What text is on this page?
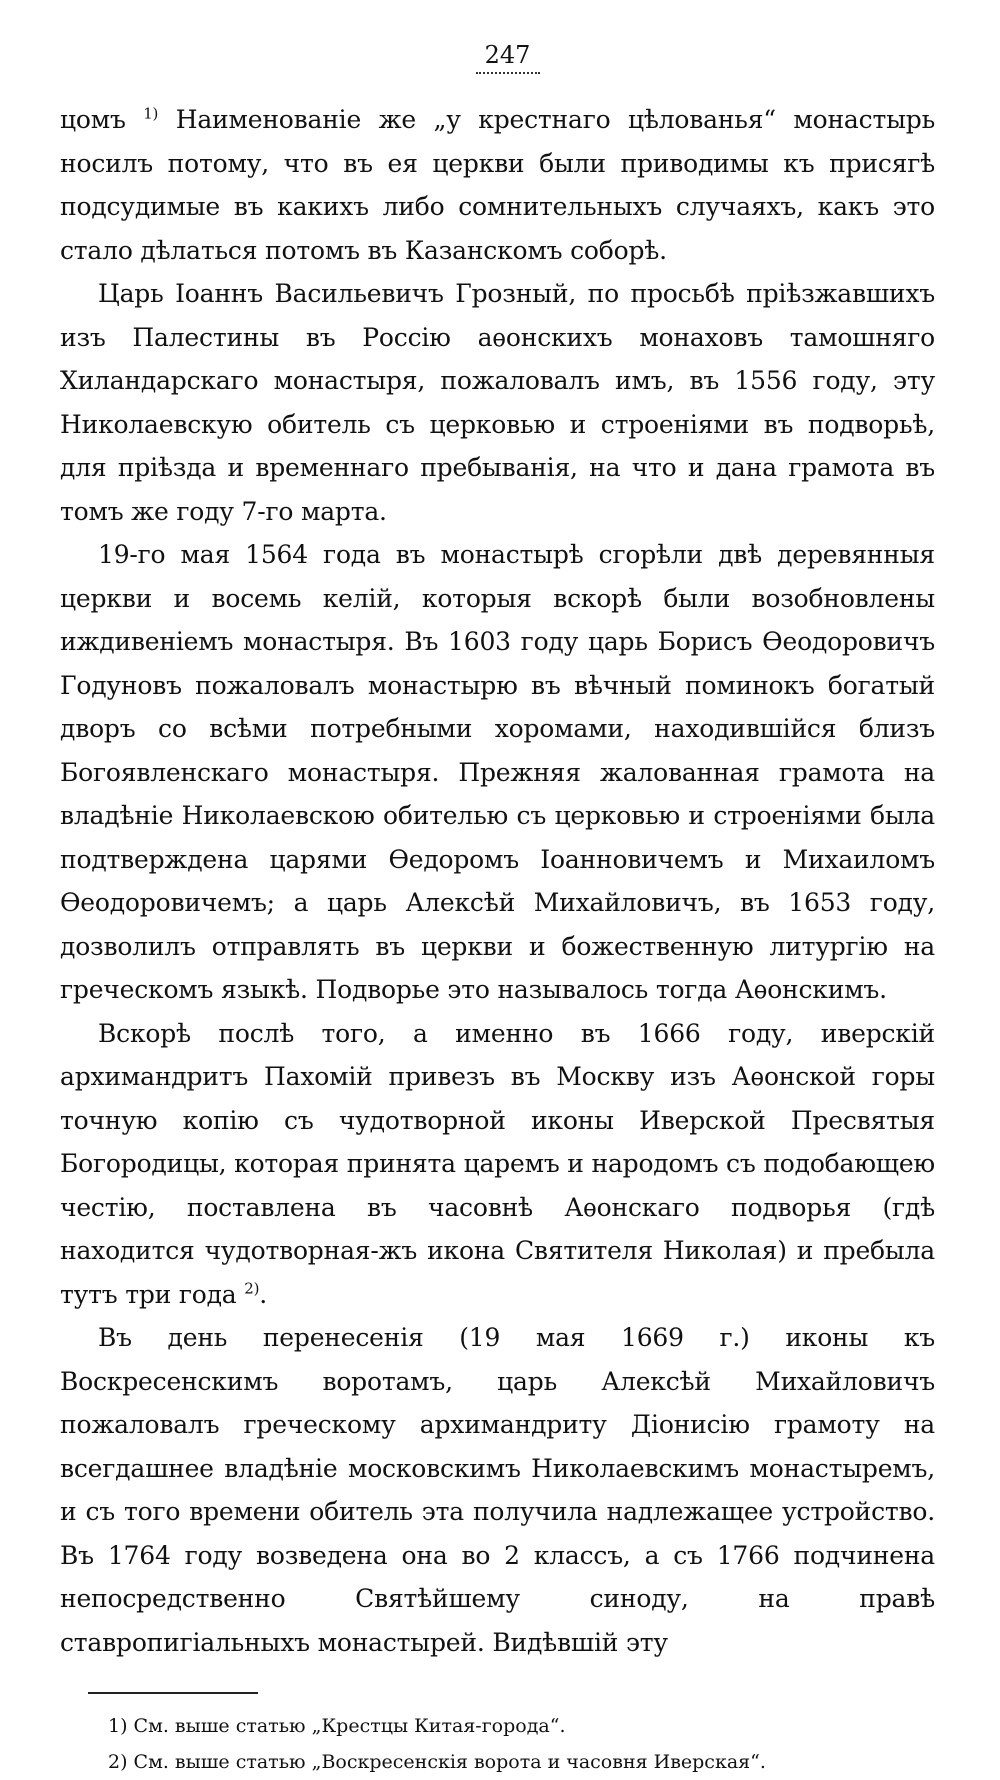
247

цомъ $^{1)}$ Наименованіе же „у крестнаго цѣлованья“ монастырь носилъ потому, что въ ея церкви были приводимы къ присягѣ подсудимые въ какихъ либо сомнительныхъ случаяхъ, какъ это стало дѣлаться потомъ въ Казанскомъ соборѣ.

Царь Іоаннъ Васильевичъ Грозный, по просьбѣ пріѣзжавшихъ изъ Палестины въ Россію аѳонскихъ монаховъ тамошняго Хиландарскаго монастыря, пожаловалъ имъ, въ 1556 году, эту Николаевскую обитель съ церковью и строеніями въ подворьѣ, для пріѣзда и временнаго пребыванія, на что и дана грамота въ томъ же году 7-го марта.

19-го мая 1564 года въ монастырѣ сгорѣли двѣ деревянныя церкви и восемь келій, которыя вскорѣ были возобновлены иждивеніемъ монастыря. Въ 1603 году царь Борисъ Ѳеодоровичъ Годуновъ пожаловалъ монастырю въ вѣчный поминокъ богатый дворъ со всѣми потребными хоромами, находившійся близъ Богоявленскаго монастыря. Прежняя жалованная грамота на владѣніе Николаевскою обителью съ церковью и строеніями была подтверждена царями Ѳедоромъ Іоанновичемъ и Михаиломъ Ѳеодоровичемъ; а царь Алексѣй Михайловичъ, въ 1653 году, дозволилъ отправлять въ церкви и божественную литургію на греческомъ языкѣ. Подворье это называлось тогда Аѳонскимъ.

Вскорѣ послѣ того, а именно въ 1666 году, иверскій архимандритъ Пахомій привезъ въ Москву изъ Аѳонской горы точную копію съ чудотворной иконы Иверской Пресвятыя Богородицы, которая принята царемъ и народомъ съ подобающею честію, поставлена въ часовнѣ Аѳонскаго подворья (гдѣ находится чудотворная-жъ икона Святителя Николая) и пребыла тутъ три года $^{2)}$.

Въ день перенесенія (19 мая 1669 г.) иконы къ Воскресенскимъ воротамъ, царь Алексѣй Михайловичъ пожаловалъ греческому архимандриту Діонисію грамоту на всегдашнее владѣніе московскимъ Николаевскимъ монастыремъ, и съ того времени обитель эта получила надлежащее устройство. Въ 1764 году возведена она во 2 классъ, а съ 1766 подчинена непосредственно Святѣйшему синоду, на правѣ ставропигіальныхъ монастырей. Видѣвшій эту

1) См. выше статью „Крестцы Китая-города“.

2) См. выше статью „Воскресенскія ворота и часовня Иверская“.
